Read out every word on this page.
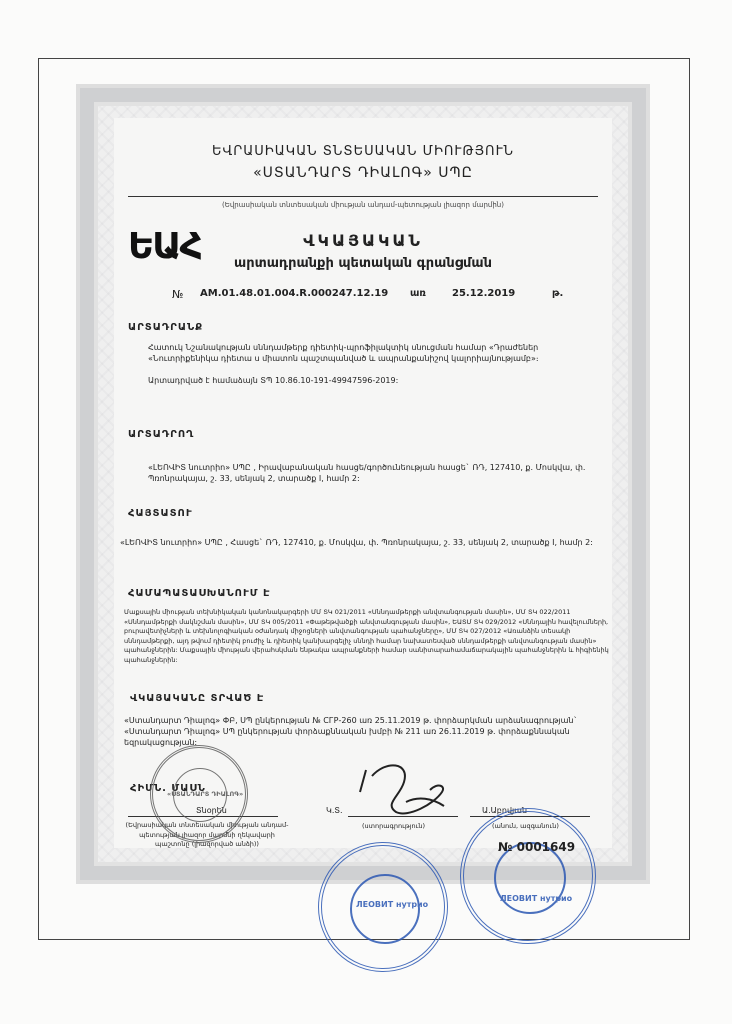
ԵՎՐԱՍԻԱԿԱՆ ՏՆՏԵՍԱԿԱՆ ՄԻՈՒԹՅՈՒՆ
«ՍՏԱՆԴԱՐՏ ԴԻԱԼՈԳ» ՍՊԸ
(Եվրասիական տնտեսական միության անդամ-պետության լիազոր մարմին)
ԵԱՀ	ՎԿԱՅԱԿԱՆ
արտադրանքի պետական գրանցման
№ AM.01.48.01.004.R.000247.12.19 առ	25.12.2019	թ.
ԱՐՏԱԴՐԱՆՔ
Հատուկ Նշանակության սննդամթերք դիետիկ-պրոֆիլակտիկ սնուցման համար «Դրաժեներ «Նուտրիքենիկա դիետա ս միատոն պաշտպանված և ապրանքանիշով կալորիայնությամբ»։
Արտադրված է համաձայն ՏՊ 10.86.10-191-49947596-2019:
ԱՐՏԱԴՐՈՂ
«ԼԵՈՎԻՏ նուտրիո» ՍՊԸ , Իրավաբանական հասցե/գործունեության հասցե` ՌԴ, 127410, ք. Մոսկվա, փ. Պռոնրակայա, շ. 33, սենյակ 2, տարածք I, համր 2:
ՀԱՅՏԱՏՈՒ
«ԼԵՈՎԻՏ նուտրիո» ՍՊԸ , Հասցե` ՌԴ, 127410, ք. Մոսկվա, փ. Պռոնրակայա, շ. 33, սենյակ 2, տարածք I, համր 2:
ՀԱՄԱՊԱՏԱՍԽԱՆՈՒՄ Է
Մաքսային միության տեխնիկական կանոնակարգերի ՄՄ ՏԿ 021/2011 «Սննդամթերքի անվտանգության մասին», ՄՄ ՏԿ 022/2011 «Սննդամթերքի մակնշման մասին», ՄՄ ՏԿ 005/2011 «Փաթեթվածքի անվտանգության մասին», ԵԱՏՄ ՏԿ 029/2012 «Սննդային հավելումների, բուրավետիչների և տեխնոլոգիական օժանդակ միջոցների անվտանգության պահանջները», ՄՄ ՏԿ 027/2012 «Առանձին տեսակի սննդամթերքի, այդ թվում դիետիկ բուժիչ և դիետիկ կանխարգելիչ սննդի համար նախատեսված սննդամթերքի անվտանգության մասին» պահանջներին: Մաքսային միության վերահսկման ենթակա ապրանքների համար սանիտարահամաճարակային պահանջներին և հիգիենիկ պահանջներին:
ՎԿԱՅԱԿԱՆԸ ՏՐՎԱԾ Է
«Ստանդարտ Դիալոգ» ՓԲ, ՍՊ ընկերության № СГР-260 առ 25.11.2019 թ. փորձարկման արձանագրության` «Ստանդարտ Դիալոգ» ՍՊ ընկերության փորձաքննական խմբի № 211 առ 26.11.2019 թ. փորձաքննական եզրակացության:
ՀԻՄՆ. ՄԱՍՆ
Տնօրեն
(Եվրասիական տնտեսական միության անդամ-պետության լիազոր մարմնի ղեկավարի պաշտոնը (լիազորված անձի))
Կ.Տ.
(ստորագրություն)
Ա.Աբովյան
(անուն, ազգանուն)
«ՍՏԱՆԴԱՐՏ ԴԻԱԼՈԳ»
ЛЕОВИТ нутрио
ЛЕОВИТ нутрио
№ 0001649
